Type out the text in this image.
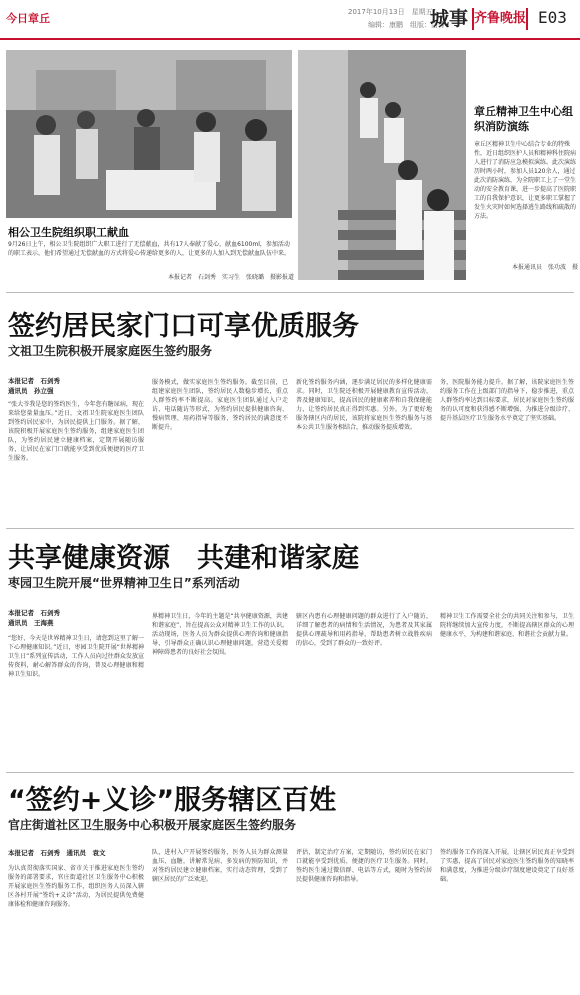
今日章丘	2017年10月13日　星期五
编辑：康鹏　组版：洛菁
城事 齐鲁晚报 E03
相公卫生院组织职工献血
9月26日上午，相公卫生院组织广大职工进行了无偿献血，共有17人奉献了爱心，献血6100ml，参加活动的职工表示，他们希望通过无偿献血的方式将爱心传递给更多的人，让更多的人加入到无偿献血队伍中来。
本报记者　石剑秀　实习生　张晓璐　摄影报道
章丘精神卫生中心组织消防演练
章丘区精神卫生中心结合专业的特殊性，近日组织医护人员和精神科住院病人进行了消防应急模拟演练。此次演练历时两小时，参加人员120余人，通过此次消防演练，为全院职工上了一堂生动的安全教育课，进一步提高了医院职工的自我保护意识，让更多职工掌握了发生火灾时如何选择逃生路线和疏散的方法。
本报通讯员　张功波　摄
签约居民家门口可享优质服务
文祖卫生院积极开展家庭医生签约服务
本报记者　石剑秀
通讯员　孙立强
“张大爷我是您的签约医生，今年您有糖尿病，现在来给您量量血压。”近日，文祖卫生院家庭医生团队到签约居民家中，为居民提供上门服务。据了解，该院积极开展家庭医生签约服务，组建家庭医生团队，为签约居民建立健康档案，定期开展随访服务，让居民在家门口就能享受到优质便捷的医疗卫生服务。
服务模式，做实家庭医生签约服务。截至目前，已组建家庭医生团队，签约居民人数稳步增长，重点人群签约率不断提高。家庭医生团队通过入户走访、电话随访等形式，为签约居民提供健康咨询、慢病管理、用药指导等服务，签约居民的满意度不断提升。
新化签约服务内涵，逐步满足居民的多样化健康需求。同时，卫生院还积极开展健康教育宣传活动，普及健康知识，提高居民的健康素养和自我保健能力，让签约居民真正得到实惠。另外，为了更好地服务辖区内的居民，该院将家庭医生签约服务与基本公共卫生服务相结合，推动服务提质增效。
务，医院服务能力提升。据了解，该院家庭医生签约服务工作在上级部门的指导下，稳步推进，重点人群签约率达到目标要求，居民对家庭医生签约服务的认可度和获得感不断增强，为推进分级诊疗、提升基层医疗卫生服务水平奠定了坚实基础。
共享健康资源　共建和谐家庭
枣园卫生院开展“世界精神卫生日”系列活动
本报记者　石剑秀
通讯员　王海燕
“您好，今天是世界精神卫生日，请您到这里了解一下心理健康知识。”近日，枣园卫生院开展“世界精神卫生日”系列宣传活动，工作人员向过往群众发放宣传资料，耐心解答群众的咨询，普及心理健康和精神卫生知识。
界精神卫生日，今年的主题是“共享健康资源，共建和谐家庭”，旨在提高公众对精神卫生工作的认识。活动现场，医务人员为群众提供心理咨询和健康指导，引导群众正确认识心理健康问题，营造关爱精神障碍患者的良好社会氛围。
辖区内患有心理健康问题的群众进行了入户随访，详细了解患者的病情和生活情况，为患者及其家属提供心理疏导和用药指导，帮助患者树立战胜疾病的信心，受到了群众的一致好评。
精神卫生工作需要全社会的共同关注和参与，卫生院将继续加大宣传力度，不断提高辖区群众的心理健康水平，为构建和谐家庭、和谐社会贡献力量。
“签约+义诊”服务辖区百姓
官庄街道社区卫生服务中心积极开展家庭医生签约服务
本报记者　石剑秀　通讯员　袁文
为认真贯彻落实国家、省市关于推进家庭医生签约服务的部署要求，官庄街道社区卫生服务中心积极开展家庭医生签约服务工作，组织医务人员深入辖区各村开展“签约+义诊”活动，为居民提供免费健康体检和健康咨询服务。
队，进村入户开展签约服务，医务人员为群众测量血压、血糖，讲解常见病、多发病的预防知识，并对签约居民建立健康档案，实行动态管理，受到了辖区居民的广泛欢迎。
评估，制定治疗方案，定期随访，签约居民在家门口就能享受到优质、便捷的医疗卫生服务。同时，签约医生通过微信群、电话等方式，随时为签约居民提供健康咨询和指导。
签约服务工作的深入开展，让辖区居民真正享受到了实惠，提高了居民对家庭医生签约服务的知晓率和满意度，为推进分级诊疗制度建设奠定了良好基础。
